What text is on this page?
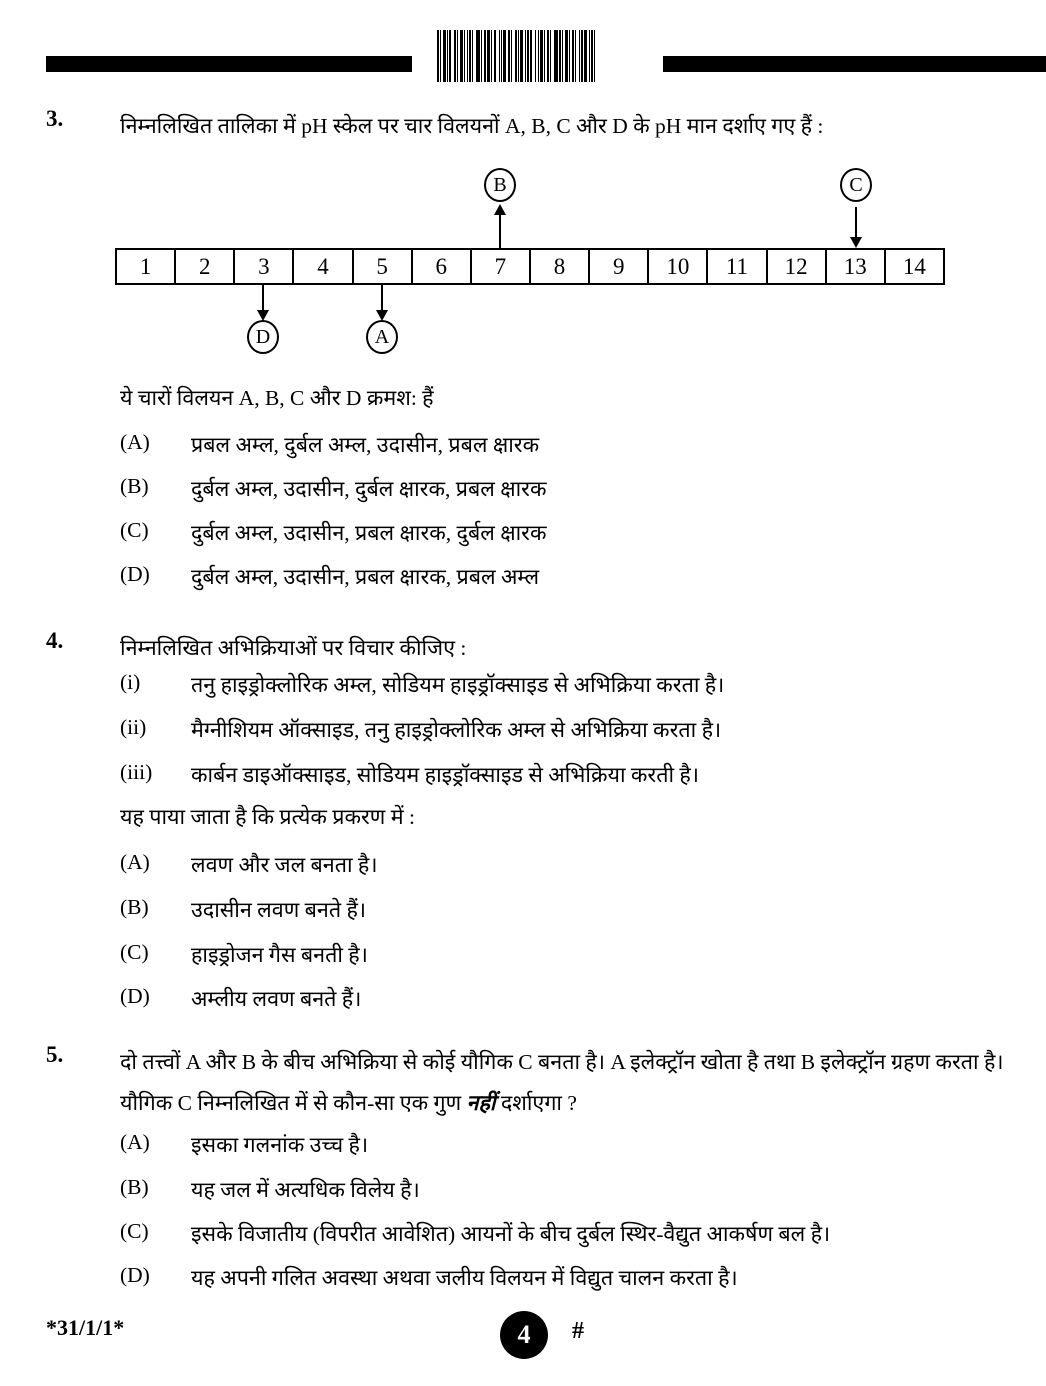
3.	निम्नलिखित तालिका में pH स्केल पर चार विलयनों A, B, C और D के pH मान दर्शाए गए हैं :
B	C
1	2	3	4	5	6	7	8	9	10	11	12	13	14
D	A
ये चारों विलयन A, B, C और D क्रमश: हैं
(A) प्रबल अम्ल, दुर्बल अम्ल, उदासीन, प्रबल क्षारक
(B) दुर्बल अम्ल, उदासीन, दुर्बल क्षारक, प्रबल क्षारक
(C) दुर्बल अम्ल, उदासीन, प्रबल क्षारक, दुर्बल क्षारक
(D) दुर्बल अम्ल, उदासीन, प्रबल क्षारक, प्रबल अम्ल
4.	निम्नलिखित अभिक्रियाओं पर विचार कीजिए :
(i) तनु हाइड्रोक्लोरिक अम्ल, सोडियम हाइड्रॉक्साइड से अभिक्रिया करता है।
(ii) मैग्नीशियम ऑक्साइड, तनु हाइड्रोक्लोरिक अम्ल से अभिक्रिया करता है।
(iii) कार्बन डाइऑक्साइड, सोडियम हाइड्रॉक्साइड से अभिक्रिया करती है।
यह पाया जाता है कि प्रत्येक प्रकरण में :
(A) लवण और जल बनता है।
(B) उदासीन लवण बनते हैं।
(C) हाइड्रोजन गैस बनती है।
(D) अम्लीय लवण बनते हैं।
5.	दो तत्त्वों A और B के बीच अभिक्रिया से कोई यौगिक C बनता है। A इलेक्ट्रॉन खोता है तथा B इलेक्ट्रॉन ग्रहण करता है। यौगिक C निम्नलिखित में से कौन-सा एक गुण नहीं दर्शाएगा ?
(A) इसका गलनांक उच्च है।
(B) यह जल में अत्यधिक विलेय है।
(C) इसके विजातीय (विपरीत आवेशित) आयनों के बीच दुर्बल स्थिर-वैद्युत आकर्षण बल है।
(D) यह अपनी गलित अवस्था अथवा जलीय विलयन में विद्युत चालन करता है।
*31/1/1*	4	#
